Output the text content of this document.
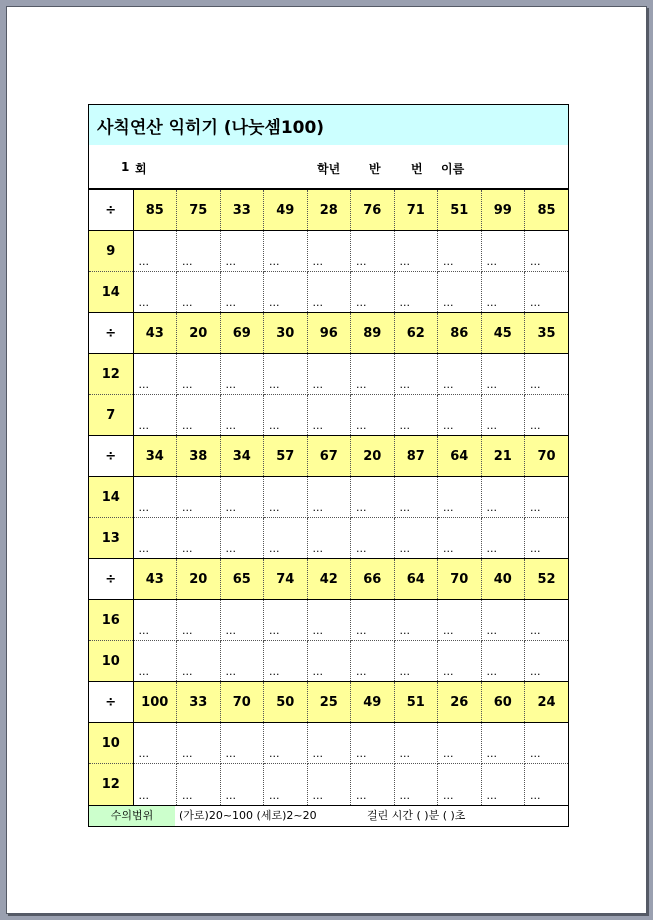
사칙연산 익히기 (나눗셈100)
1 회	학년 반	번 이름
÷	85	75	33	49	28	76	71	51	99	85
9	...	...	...	...	...	...	...	...	...	...
14	...	...	...	...	...	...	...	...	...	...
÷	43	20	69	30	96	89	62	86	45	35
12	...	...	...	...	...	...	...	...	...	...
7	...	...	...	...	...	...	...	...	...	...
÷	34	38	34	57	67	20	87	64	21	70
14	...	...	...	...	...	...	...	...	...	...
13	...	...	...	...	...	...	...	...	...	...
÷	43	20	65	74	42	66	64	70	40	52
16	...	...	...	...	...	...	...	...	...	...
10	...	...	...	...	...	...	...	...	...	...
÷	100	33	70	50	25	49	51	26	60	24
10	...	...	...	...	...	...	...	...	...	...
12	...	...	...	...	...	...	...	...	...	...
수의범위	(가로)20~100 (세로)2~20	걸린 시간 ( )분 ( )초
